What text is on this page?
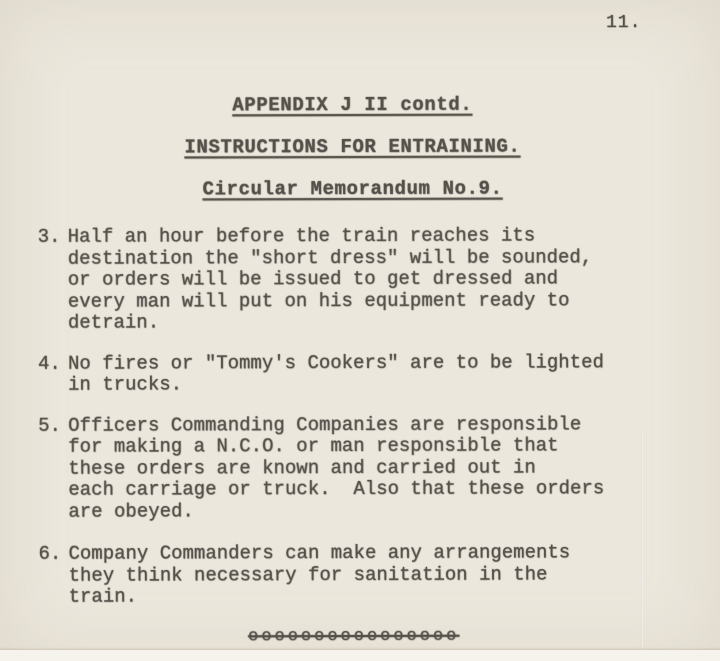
11.
APPENDIX J II contd.
INSTRUCTIONS FOR ENTRAINING.
Circular Memorandum No.9.
3. Half an hour before the train reaches its
destination the "short dress" will be sounded,
or orders will be issued to get dressed and
every man will put on his equipment ready to
detrain.
4. No fires or "Tommy's Cookers" are to be lighted
in trucks.
5. Officers Commanding Companies are responsible
for making a N.C.O. or man responsible that
these orders are known and carried out in
each carriage or truck.  Also that these orders
are obeyed.
6. Company Commanders can make any arrangements
they think necessary for sanitation in the
train.
oooooooooooooooo
